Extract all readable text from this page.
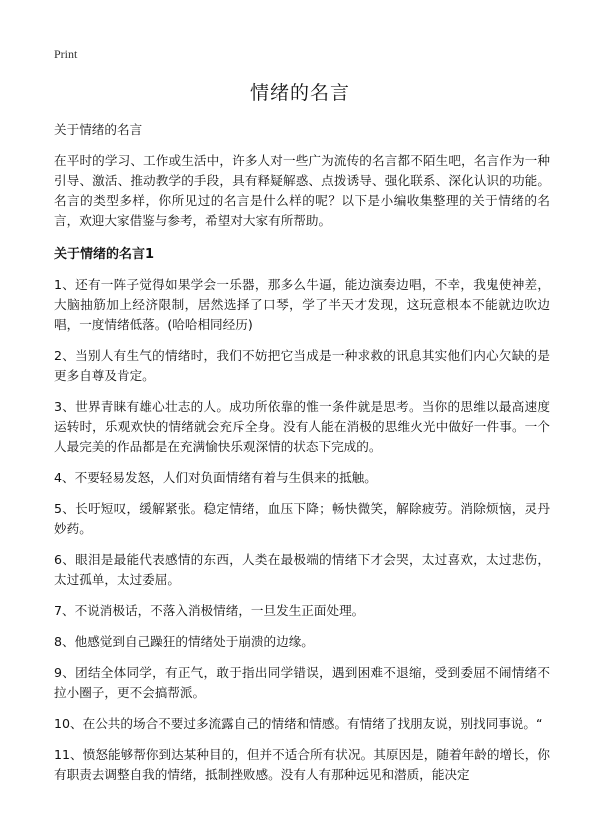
Print
情绪的名言

关于情绪的名言

在平时的学习、工作或生活中，许多人对一些广为流传的名言都不陌生吧，名言作为一种引导、激活、推动教学的手段，具有释疑解惑、点拨诱导、强化联系、深化认识的功能。名言的类型多样，你所见过的名言是什么样的呢？以下是小编收集整理的关于情绪的名言，欢迎大家借鉴与参考，希望对大家有所帮助。

关于情绪的名言1

1、还有一阵子觉得如果学会一乐器，那多么牛逼，能边演奏边唱，不幸，我鬼使神差，大脑抽筋加上经济限制，居然选择了口琴，学了半天才发现，这玩意根本不能就边吹边唱，一度情绪低落。(哈哈相同经历)

2、当别人有生气的情绪时，我们不妨把它当成是一种求救的讯息其实他们内心欠缺的是更多自尊及肯定。

3、世界青睐有雄心壮志的人。成功所依靠的惟一条件就是思考。当你的思维以最高速度运转时，乐观欢快的情绪就会充斥全身。没有人能在消极的思维火光中做好一件事。一个人最完美的作品都是在充满愉快乐观深情的状态下完成的。

4、不要轻易发怒，人们对负面情绪有着与生俱来的抵触。

5、长吁短叹，缓解紧张。稳定情绪，血压下降；畅快微笑，解除疲劳。消除烦恼，灵丹妙药。

6、眼泪是最能代表感情的东西，人类在最极端的情绪下才会哭，太过喜欢，太过悲伤，太过孤单，太过委屈。

7、不说消极话，不落入消极情绪，一旦发生正面处理。

8、他感觉到自己躁狂的情绪处于崩溃的边缘。

9、团结全体同学，有正气，敢于指出同学错误，遇到困难不退缩，受到委屈不闹情绪不拉小圈子，更不会搞帮派。

10、在公共的场合不要过多流露自己的情绪和情感。有情绪了找朋友说，别找同事说。“

11、愤怒能够帮你到达某种目的，但并不适合所有状况。其原因是，随着年龄的增长，你有职责去调整自我的情绪，抵制挫败感。没有人有那种远见和潜质，能决定
